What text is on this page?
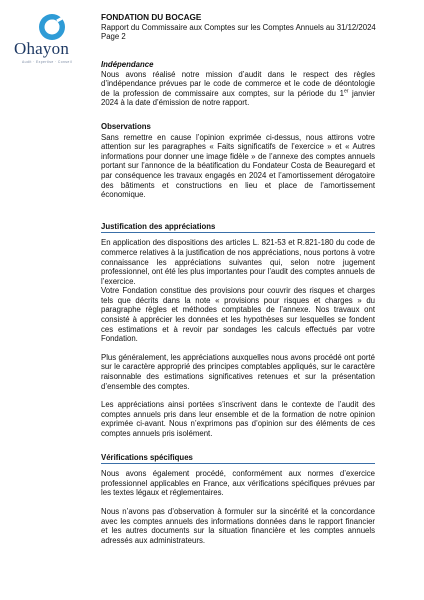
Ohayon
Audit · Expertise · Conseil
FONDATION DU BOCAGE
Rapport du Commissaire aux Comptes sur les Comptes Annuels au 31/12/2024
Page 2
Indépendance

Nous avons réalisé notre mission d’audit dans le respect des règles d’indépendance prévues par le code de commerce et le code de déontologie de la profession de commissaire aux comptes, sur la période du 1er janvier 2024 à la date d’émission de notre rapport.

Observations

Sans remettre en cause l’opinion exprimée ci-dessus, nous attirons votre attention sur les paragraphes « Faits significatifs de l’exercice » et « Autres informations pour donner une image fidèle » de l’annexe des comptes annuels portant sur l’annonce de la béatification du Fondateur Costa de Beauregard et par conséquence les travaux engagés en 2024 et l’amortissement dérogatoire des bâtiments et constructions en lieu et place de l’amortissement économique.

Justification des appréciations

En application des dispositions des articles L. 821-53 et R.821-180 du code de commerce relatives à la justification de nos appréciations, nous portons à votre connaissance les appréciations suivantes qui, selon notre jugement professionnel, ont été les plus importantes pour l’audit des comptes annuels de l’exercice.

Votre Fondation constitue des provisions pour couvrir des risques et charges tels que décrits dans la note « provisions pour risques et charges » du paragraphe règles et méthodes comptables de l’annexe. Nos travaux ont consisté à apprécier les données et les hypothèses sur lesquelles se fondent ces estimations et à revoir par sondages les calculs effectués par votre Fondation.

Plus généralement, les appréciations auxquelles nous avons procédé ont porté sur le caractère approprié des principes comptables appliqués, sur le caractère raisonnable des estimations significatives retenues et sur la présentation d’ensemble des comptes.

Les appréciations ainsi portées s’inscrivent dans le contexte de l’audit des comptes annuels pris dans leur ensemble et de la formation de notre opinion exprimée ci-avant. Nous n’exprimons pas d’opinion sur des éléments de ces comptes annuels pris isolément.

Vérifications spécifiques

Nous avons également procédé, conformément aux normes d’exercice professionnel applicables en France, aux vérifications spécifiques prévues par les textes légaux et réglementaires.

Nous n’avons pas d’observation à formuler sur la sincérité et la concordance avec les comptes annuels des informations données dans le rapport financier et les autres documents sur la situation financière et les comptes annuels adressés aux administrateurs.
